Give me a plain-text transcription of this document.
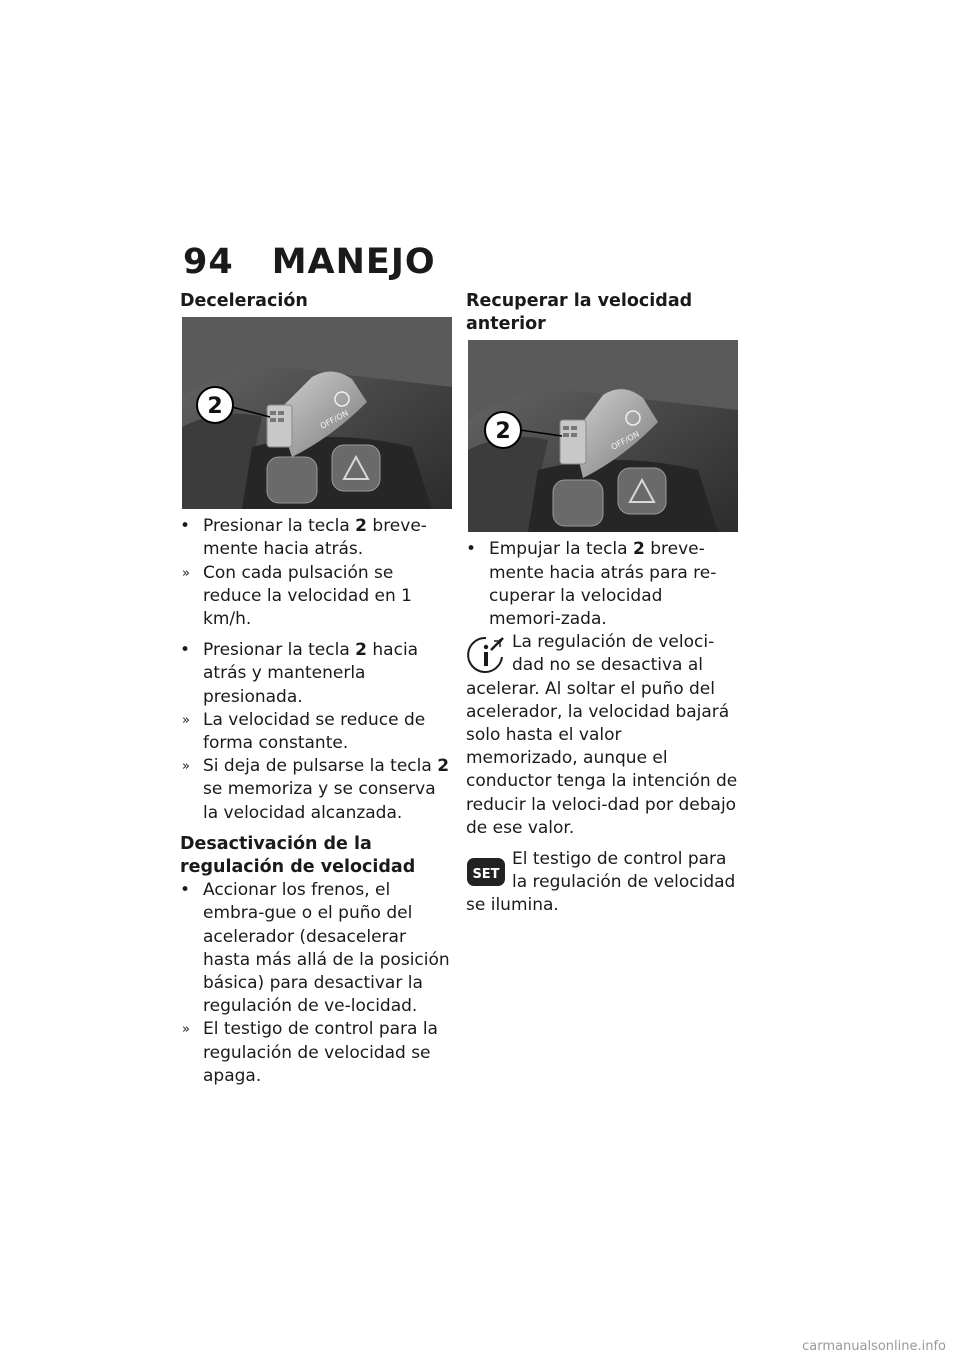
94 MANEJO
Deceleración
OFF/ON
2

• Presionar la tecla 2 breve-mente hacia atrás.

» Con cada pulsación se reduce la velocidad en 1 km/h.

• Presionar la tecla 2 hacia atrás y mantenerla presionada.

» La velocidad se reduce de forma constante.

» Si deja de pulsarse la tecla 2 se memoriza y se conserva la velocidad alcanzada.

Desactivación de la regulación de velocidad

• Accionar los frenos, el embra-gue o el puño del acelerador (desacelerar hasta más allá de la posición básica) para desactivar la regulación de ve-locidad.

» El testigo de control para la regulación de velocidad se apaga.

Recuperar la velocidad anterior
OFF/ON
2

• Empujar la tecla 2 breve-mente hacia atrás para re-cuperar la velocidad memori-zada.

La regulación de veloci-dad no se desactiva al acelerar. Al soltar el puño del acelerador, la velocidad bajará solo hasta el valor memorizado, aunque el conductor tenga la intención de reducir la veloci-dad por debajo de ese valor.
SET
El testigo de control para la regulación de velocidad se ilumina.
carmanualsonline.info
